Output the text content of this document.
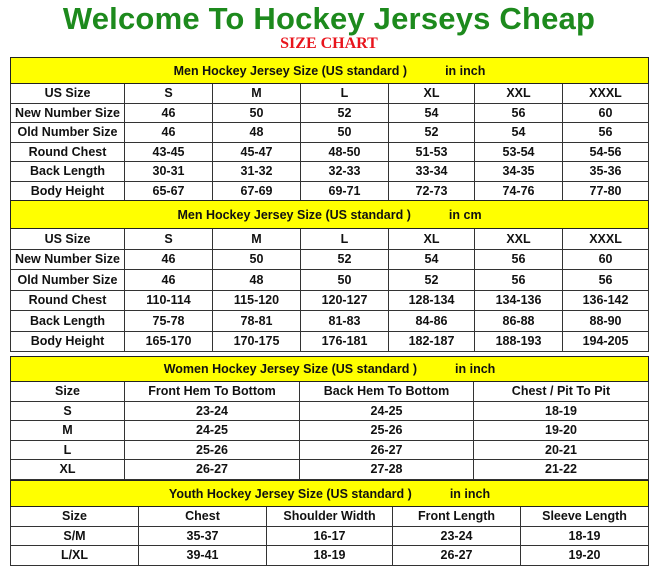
Welcome To Hockey Jerseys Cheap
SIZE CHART
Men Hockey Jersey Size (US standard ) in inch						

US Size	S	M	L	XL	XXL	XXXL
New Number Size	46	50	52	54	56	60
Old Number Size	46	48	50	52	54	56
Round Chest	43-45	45-47	48-50	51-53	53-54	54-56
Back Length	30-31	31-32	32-33	33-34	34-35	35-36
Body Height	65-67	67-69	69-71	72-73	74-76	77-80
Men Hockey Jersey Size (US standard ) in cm						

US Size	S	M	L	XL	XXL	XXXL
New Number Size	46	50	52	54	56	60
Old Number Size	46	48	50	52	56	56
Round Chest	110-114	115-120	120-127	128-134	134-136	136-142
Back Length	75-78	78-81	81-83	84-86	86-88	88-90
Body Height	165-170	170-175	176-181	182-187	188-193	194-205
Women Hockey Jersey Size (US standard ) in inch			

Size	Front Hem To Bottom	Back Hem To Bottom	Chest / Pit To Pit
S	23-24	24-25	18-19
M	24-25	25-26	19-20
L	25-26	26-27	20-21
XL	26-27	27-28	21-22
Youth Hockey Jersey Size (US standard ) in inch				

Size	Chest	Shoulder Width	Front Length	Sleeve Length
S/M	35-37	16-17	23-24	18-19
L/XL	39-41	18-19	26-27	19-20
